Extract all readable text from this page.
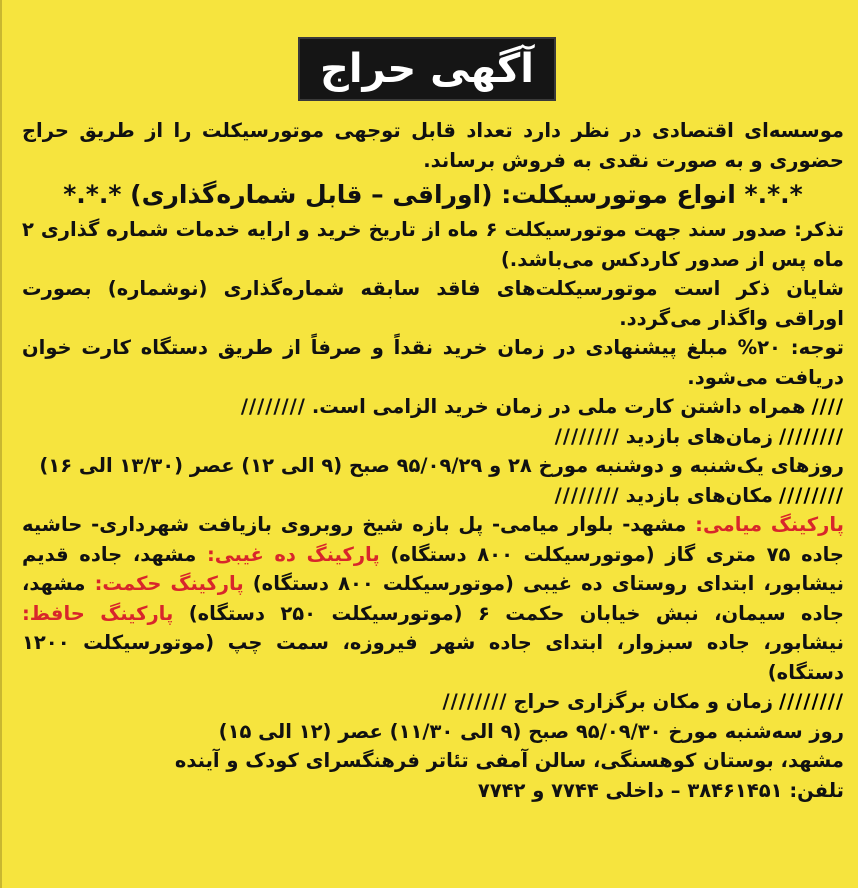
آگهی حراج

موسسه‌ای اقتصادی در نظر دارد تعداد قابل توجهی موتورسیکلت را از طریق حراج حضوری و به صورت نقدی به فروش برساند.

*.*.* انواع موتورسیکلت: (اوراقی – قابل شماره‌گذاری) *.*.*

تذکر: صدور سند جهت موتورسیکلت ۶ ماه از تاریخ خرید و ارایه خدمات شماره گذاری ۲ ماه پس از صدور کاردکس می‌باشد.)

شایان ذکر است موتورسیکلت‌های فاقد سابقه شماره‌گذاری (نوشماره) بصورت اوراقی واگذار می‌گردد.

توجه: ۲۰% مبلغ پیشنهادی در زمان خرید نقداً و صرفاً از طریق دستگاه کارت خوان دریافت می‌شود.

////
همراه داشتن کارت ملی در زمان خرید الزامی است.
////////

////////
زمان‌های بازدید
////////

روزهای یک‌شنبه و دوشنبه مورخ ۲۸ و ۹۵/۰۹/۲۹ صبح (۹ الی ۱۲) عصر (۱۳/۳۰ الی ۱۶)

////////
مکان‌های بازدید
////////

پارکینگ میامی: مشهد- بلوار میامی- پل بازه شیخ روبروی بازیافت شهرداری- حاشیه جاده ۷۵ متری گاز (موتورسیکلت ۸۰۰ دستگاه) پارکینگ ده غیبی: مشهد، جاده قدیم نیشابور، ابتدای روستای ده غیبی (موتورسیکلت ۸۰۰ دستگاه) پارکینگ حکمت: مشهد، جاده سیمان، نبش خیابان حکمت ۶ (موتورسیکلت ۲۵۰ دستگاه) پارکینگ حافظ: نیشابور، جاده سبزوار، ابتدای جاده شهر فیروزه، سمت چپ (موتورسیکلت ۱۲۰۰ دستگاه)

////////
زمان و مکان برگزاری حراج
////////

روز سه‌شنبه مورخ ۹۵/۰۹/۳۰ صبح (۹ الی ۱۱/۳۰) عصر (۱۲ الی ۱۵)

مشهد، بوستان کوهسنگی، سالن آمفی تئاتر فرهنگسرای کودک و آینده

تلفن: ۳۸۴۶۱۴۵۱ – داخلی ۷۷۴۴ و ۷۷۴۲
